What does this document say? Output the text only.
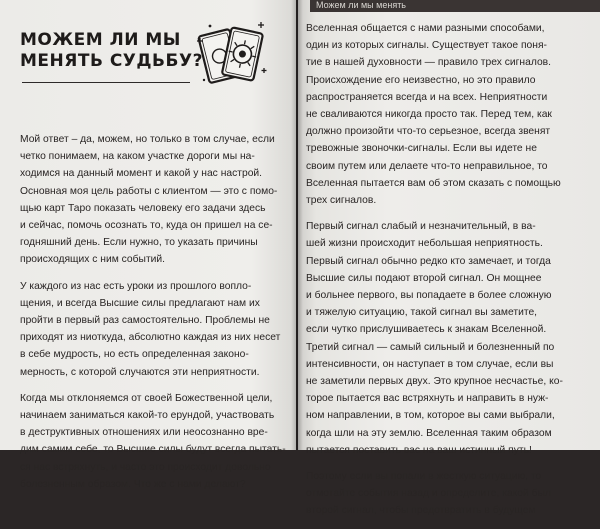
МОЖЕМ ЛИ МЫ
МЕНЯТЬ СУДЬБУ?

Мой ответ – да, можем, но только в том случае, если
четко понимаем, на каком участке дороги мы на-
ходимся на данный момент и какой у нас настрой.
Основная моя цель работы с клиентом — это с помо-
щью карт Таро показать человеку его задачи здесь
и сейчас, помочь осознать то, куда он пришел на се-
годняшний день. Если нужно, то указать причины
происходящих с ним событий.

У каждого из нас есть уроки из прошлого вопло-
щения, и всегда Высшие силы предлагают нам их
пройти в первый раз самостоятельно. Проблемы не
приходят из ниоткуда, абсолютно каждая из них несет
в себе мудрость, но есть определенная законо-
мерность, с которой случаются эти неприятности.

Когда мы отклоняемся от своей Божественной цели,
начинаем заниматься какой-то ерундой, участвовать
в деструктивных отношениях или неосознанно вре-
дим самим себе, то Высшие силы будут всегда пытать-
ся нас встряхнуть, и часто это происходит довольно
болезненным образом. Что же с нами делают?

Можем ли мы менять

Вселенная общается с нами разными способами,
один из которых сигналы. Существует такое поня-
тие в нашей духовности — правило трех сигналов.
Происхождение его неизвестно, но это правило
распространяется всегда и на всех. Неприятности
не сваливаются никогда просто так. Перед тем, как
должно произойти что-то серьезное, всегда звенят
тревожные звоночки-сигналы. Если вы идете не
своим путем или делаете что-то неправильное, то
Вселенная пытается вам об этом сказать с помощью
трех сигналов.

Первый сигнал слабый и незначительный, в ва-
шей жизни происходит небольшая неприятность.
Первый сигнал обычно редко кто замечает, и тогда
Высшие силы подают второй сигнал. Он мощнее
и больнее первого, вы попадаете в более сложную
и тяжелую ситуацию, такой сигнал вы заметите,
если чутко прислушиваетесь к знакам Вселенной.
Третий сигнал — самый сильный и болезненный по
интенсивности, он наступает в том случае, если вы
не заметили первых двух. Это крупное несчастье, ко-
торое пытается вас встряхнуть и направить в нуж-
ном направлении, в том, которое вы сами выбрали,
когда шли на эту землю. Вселенная таким образом
пытается поставить вас на ваш истинный путь!

Поэтому если вы попали в жесткую ситуацию, то
отмотайте события назад и определите, какой был
второй сигнал, чтобы предотвратить в будущем
